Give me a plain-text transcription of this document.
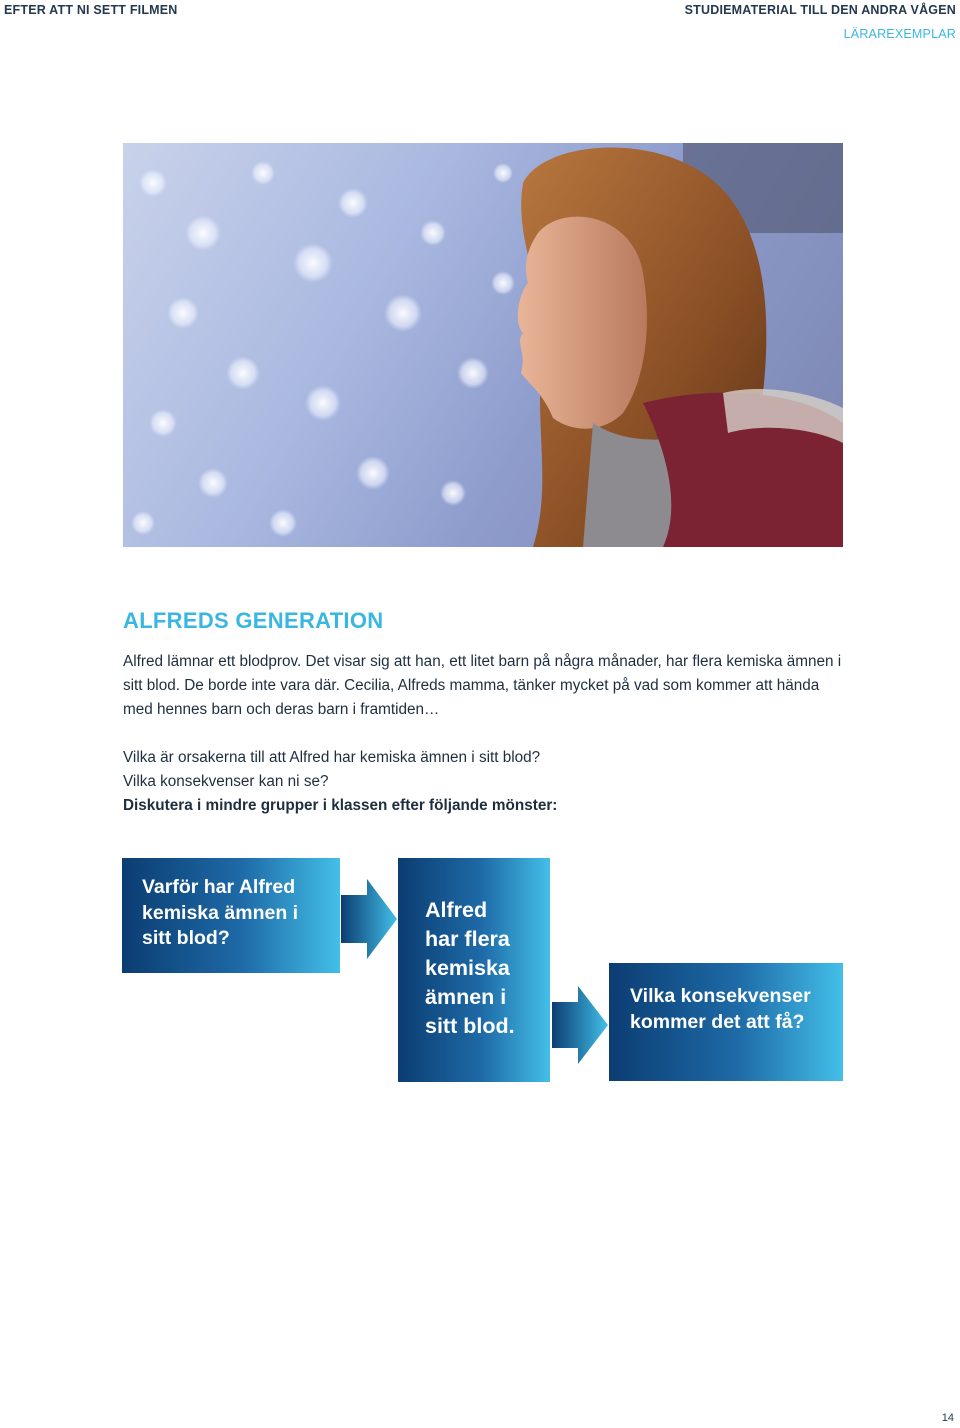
EFTER ATT NI SETT FILMEN	STUDIEMATERIAL TILL DEN ANDRA VÅGEN
LÄRAREXEMPLAR
ALFREDS GENERATION

Alfred lämnar ett blodprov. Det visar sig att han, ett litet barn på några månader, har flera kemiska ämnen i sitt blod. De borde inte vara där. Cecilia, Alfreds mamma, tänker mycket på vad som kommer att hända med hennes barn och deras barn i framtiden…

Vilka är orsakerna till att Alfred har kemiska ämnen i sitt blod?

Vilka konsekvenser kan ni se?

Diskutera i mindre grupper i klassen efter följande mönster:

Varför har Alfred kemiska ämnen i sitt blod?
Alfred har flera kemiska ämnen i sitt blod.
Vilka konsekvenser kommer det att få?
14
